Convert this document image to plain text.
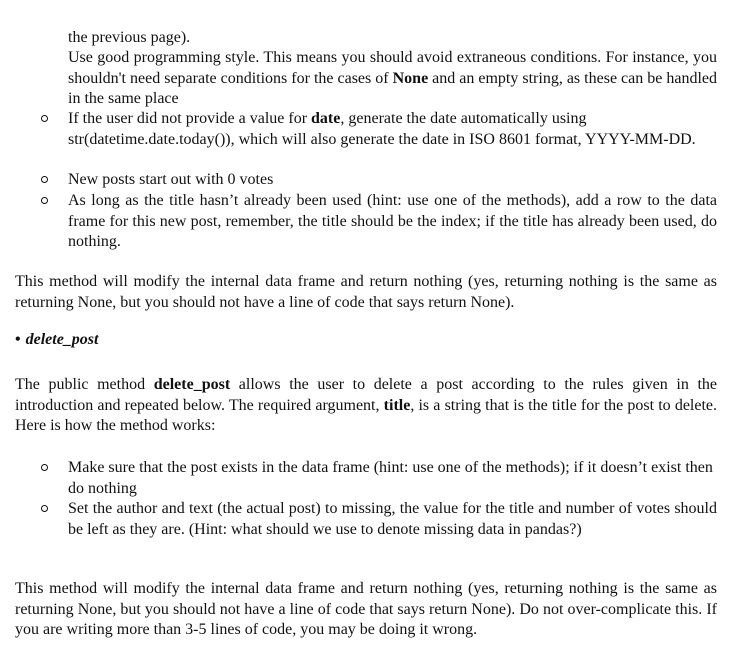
the previous page).

Use good programming style. This means you should avoid extraneous conditions. For instance, you shouldn't need separate conditions for the cases of None and an empty string, as these can be handled in the same place

If the user did not provide a value for date, generate the date automatically using str(datetime.date.today()), which will also generate the date in ISO 8601 format, YYYY-MM-DD.

New posts start out with 0 votes

As long as the title hasn’t already been used (hint: use one of the methods), add a row to the data frame for this new post, remember, the title should be the index; if the title has already been used, do nothing.

This method will modify the internal data frame and return nothing (yes, returning nothing is the same as returning None, but you should not have a line of code that says return None).

• delete_post

The public method delete_post allows the user to delete a post according to the rules given in the introduction and repeated below. The required argument, title, is a string that is the title for the post to delete. Here is how the method works:

Make sure that the post exists in the data frame (hint: use one of the methods); if it doesn’t exist then do nothing

Set the author and text (the actual post) to missing, the value for the title and number of votes should be left as they are. (Hint: what should we use to denote missing data in pandas?)

This method will modify the internal data frame and return nothing (yes, returning nothing is the same as returning None, but you should not have a line of code that says return None). Do not over-complicate this. If you are writing more than 3-5 lines of code, you may be doing it wrong.
